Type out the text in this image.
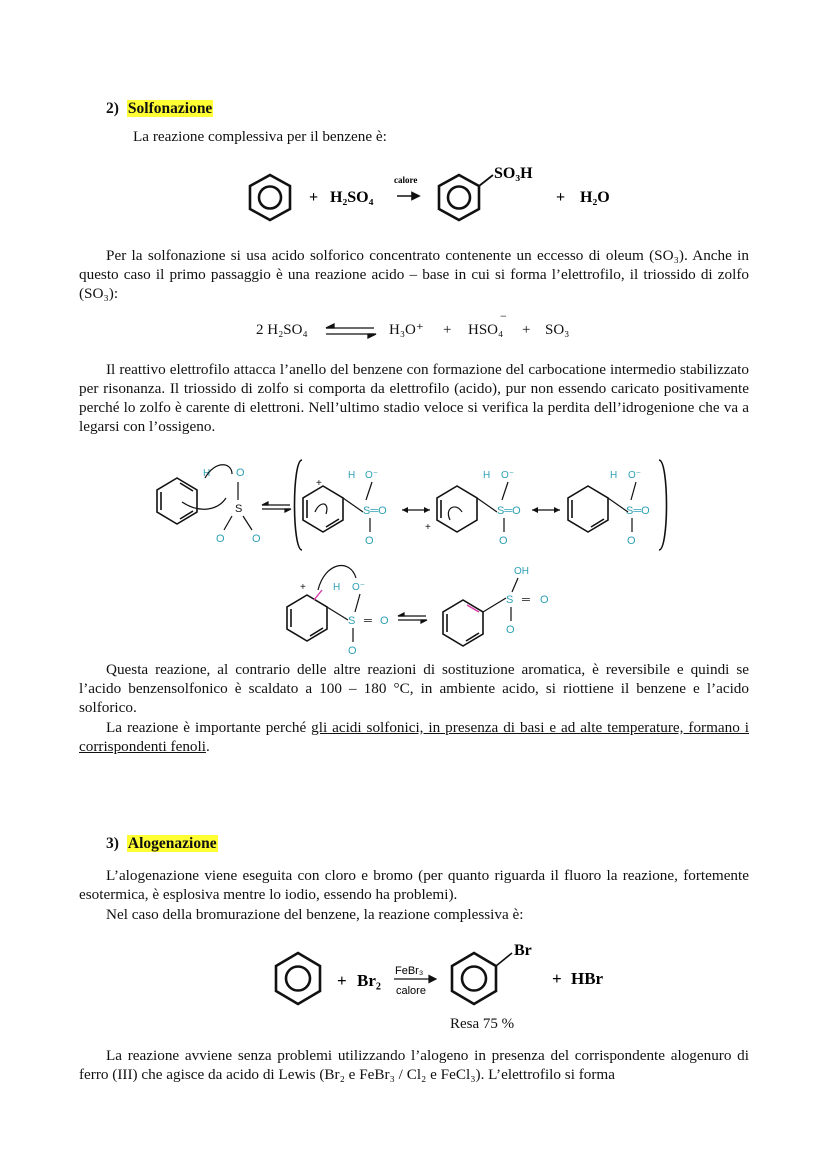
2) Solfonazione
La reazione complessiva per il benzene è:
+ H₂SO₄
calore	SO₃H
+ H₂O
Per la solfonazione si usa acido solforico concentrato contenente un eccesso di oleum (SO₃). Anche in questo caso il primo passaggio è una reazione acido – base in cui si forma l’elettrofilo, il triossido di zolfo (SO₃):
2 H₂SO₄	H₃O⁺ + HSO₄
−
+ SO₃
Il reattivo elettrofilo attacca l’anello del benzene con formazione del carbocatione intermedio stabilizzato per risonanza. Il triossido di zolfo si comporta da elettrofilo (acido), pur non essendo caricato positivamente perché lo zolfo è carente di elettroni. Nell’ultimo stadio veloce si verifica la perdita dell’idrogenione che va a legarsi con l’ossigeno.
H O
S
O O
+
H O⁻
S═O
O
+
H O⁻
S═O
O
H O⁻
S═O
O
+	H O⁻
S ═ O
O
OH
S ═ O
O
Questa reazione, al contrario delle altre reazioni di sostituzione aromatica, è reversibile e quindi se l’acido benzensolfonico è scaldato a 100 – 180 °C, in ambiente acido, si riottiene il benzene e l’acido solforico.
La reazione è importante perché gli acidi solfonici, in presenza di basi e ad alte temperature, formano i corrispondenti fenoli.
3) Alogenazione
L’alogenazione viene eseguita con cloro e bromo (per quanto riguarda il fluoro la reazione, fortemente esotermica, è esplosiva mentre lo iodio, essendo ha problemi).
Nel caso della bromurazione del benzene, la reazione complessiva è:
+ Br₂ FeBr₃
calore
Br
+ HBr
Resa 75 %
La reazione avviene senza problemi utilizzando l’alogeno in presenza del corrispondente alogenuro di ferro (III) che agisce da acido di Lewis (Br₂ e FeBr₃ / Cl₂ e FeCl₃). L’elettrofilo si forma
